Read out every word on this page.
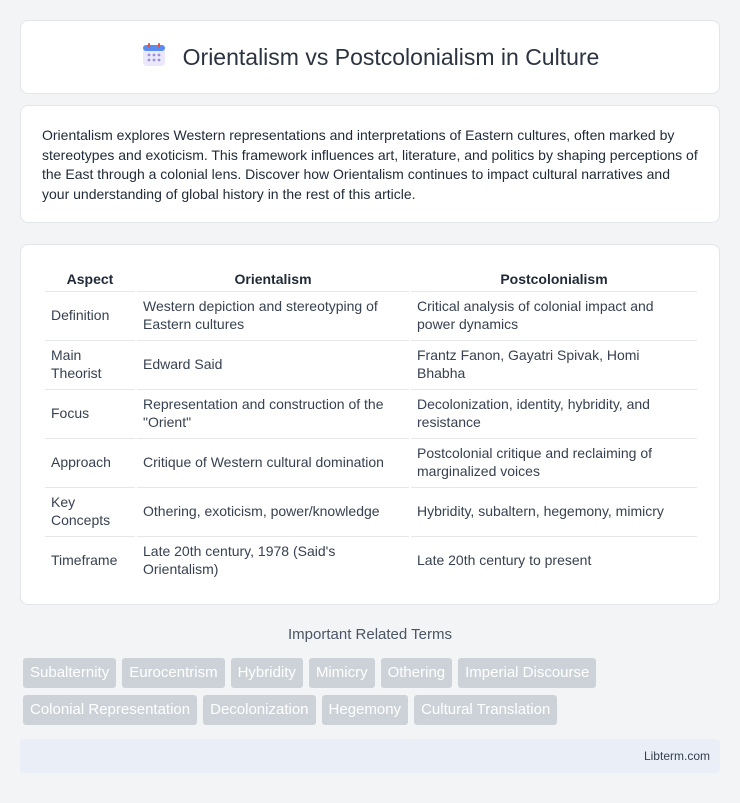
Orientalism vs Postcolonialism in Culture

Orientalism explores Western representations and interpretations of Eastern cultures, often marked by stereotypes and exoticism. This framework influences art, literature, and politics by shaping perceptions of the East through a colonial lens. Discover how Orientalism continues to impact cultural narratives and your understanding of global history in the rest of this article.

Aspect	Orientalism	Postcolonialism
Definition	Western depiction and stereotyping of Eastern cultures	Critical analysis of colonial impact and power dynamics
Main Theorist	Edward Said	Frantz Fanon, Gayatri Spivak, Homi Bhabha
Focus	Representation and construction of the "Orient"	Decolonization, identity, hybridity, and resistance
Approach	Critique of Western cultural domination	Postcolonial critique and reclaiming of marginalized voices
Key Concepts	Othering, exoticism, power/knowledge	Hybridity, subaltern, hegemony, mimicry
Timeframe	Late 20th century, 1978 (Said's Orientalism)	Late 20th century to present
Important Related Terms
Subalternity	Eurocentrism	Hybridity	Mimicry	Othering	Imperial Discourse
Colonial Representation	Decolonization	Hegemony	Cultural Translation
Libterm.com
